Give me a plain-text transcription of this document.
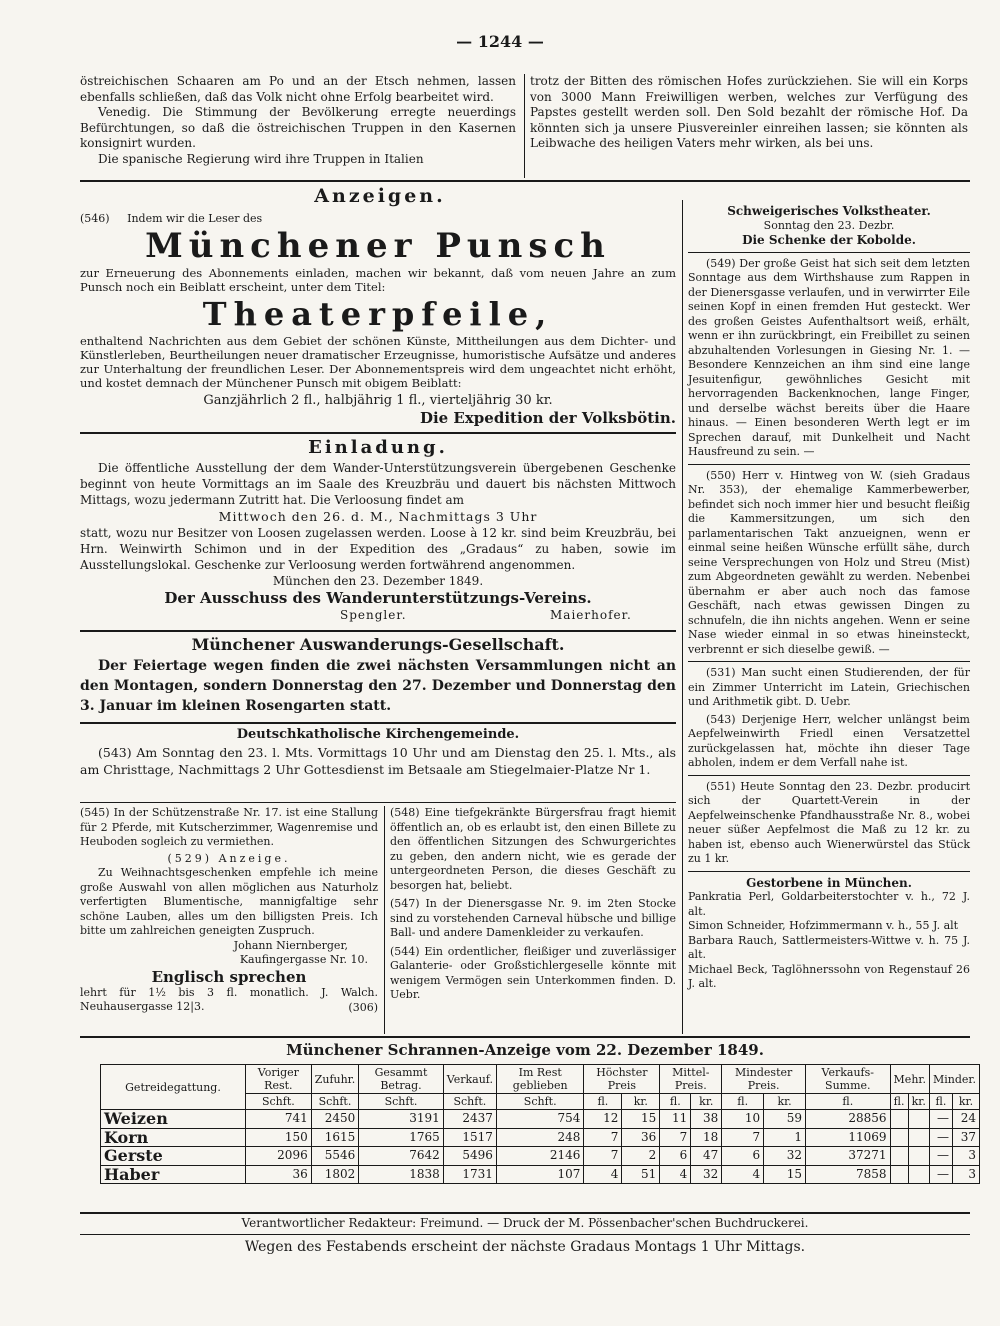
— 1244 —

östreichischen Schaaren am Po und an der Etsch nehmen, lassen ebenfalls schließen, daß das Volk nicht ohne Erfolg bearbeitet wird.

Venedig. Die Stimmung der Bevölkerung erregte neuerdings Befürchtungen, so daß die östreichischen Truppen in den Kasernen konsignirt wurden.

Die spanische Regierung wird ihre Truppen in Italien

trotz der Bitten des römischen Hofes zurückziehen. Sie will ein Korps von 3000 Mann Freiwilligen werben, welches zur Verfügung des Papstes gestellt werden soll. Den Sold bezahlt der römische Hof. Da könnten sich ja unsere Piusvereinler einreihen lassen; sie könnten als Leibwache des heiligen Vaters mehr wirken, als bei uns.

Anzeigen.
(546) Indem wir die Leser des
Münchener Punsch

zur Erneuerung des Abonnements einladen, machen wir bekannt, daß vom neuen Jahre an zum Punsch noch ein Beiblatt erscheint, unter dem Titel:

Theaterpfeile,

enthaltend Nachrichten aus dem Gebiet der schönen Künste, Mittheilungen aus dem Dichter- und Künstlerleben, Beurtheilungen neuer dramatischer Erzeugnisse, humoristische Aufsätze und anderes zur Unterhaltung der freundlichen Leser. Der Abonnementspreis wird dem ungeachtet nicht erhöht, und kostet demnach der Münchener Punsch mit obigem Beiblatt:

Ganzjährlich 2 fl., halbjährig 1 fl., vierteljährig 30 kr.
Die Expedition der Volksbötin.
Einladung.

Die öffentliche Ausstellung der dem Wander-Unterstützungsverein übergebenen Geschenke beginnt von heute Vormittags an im Saale des Kreuzbräu und dauert bis nächsten Mittwoch Mittags, wozu jedermann Zutritt hat. Die Verloosung findet am

Mittwoch den 26. d. M., Nachmittags 3 Uhr

statt, wozu nur Besitzer von Loosen zugelassen werden. Loose à 12 kr. sind beim Kreuzbräu, bei Hrn. Weinwirth Schimon und in der Expedition des „Gradaus“ zu haben, sowie im Ausstellungslokal. Geschenke zur Verloosung werden fortwährend angenommen.

München den 23. Dezember 1849.
Der Ausschuss des Wanderunterstützungs-Vereins.
Spengler.	Maierhofer.
Münchener Auswanderungs-Gesellschaft.

Der Feiertage wegen finden die zwei nächsten Versammlungen nicht an den Montagen, sondern Donnerstag den 27. Dezember und Donnerstag den 3. Januar im kleinen Rosengarten statt.

Deutschkatholische Kirchengemeinde.

(543) Am Sonntag den 23. l. Mts. Vormittags 10 Uhr und am Dienstag den 25. l. Mts., als am Christtage, Nachmittags 2 Uhr Gottesdienst im Betsaale am Stiegelmaier-Platze Nr 1.

(545) In der Schützenstraße Nr. 17. ist eine Stallung für 2 Pferde, mit Kutscherzimmer, Wagenremise und Heuboden sogleich zu vermiethen.

(529) Anzeige.

Zu Weihnachtsgeschenken empfehle ich meine große Auswahl von allen möglichen aus Naturholz verfertigten Blumentische, mannigfaltige sehr schöne Lauben, alles um den billigsten Preis. Ich bitte um zahlreichen geneigten Zuspruch.

Johann Niernberger,
Kaufingergasse Nr. 10.
Englisch sprechen

lehrt für 1½ bis 3 fl. monatlich. J. Walch. Neuhausergasse 12|3.	(306)

(548) Eine tiefgekränkte Bürgersfrau fragt hiemit öffentlich an, ob es erlaubt ist, den einen Billete zu den öffentlichen Sitzungen des Schwurgerichtes zu geben, den andern nicht, wie es gerade der untergeordneten Person, die dieses Geschäft zu besorgen hat, beliebt.

(547) In der Dienersgasse Nr. 9. im 2ten Stocke sind zu vorstehenden Carneval hübsche und billige Ball- und andere Damenkleider zu verkaufen.

(544) Ein ordentlicher, fleißiger und zuverlässiger Galanterie- oder Großstichlergeselle könnte mit wenigem Vermögen sein Unterkommen finden. D. Uebr.

Schweigerisches Volkstheater.
Sonntag den 23. Dezbr.
Die Schenke der Kobolde.

(549) Der große Geist hat sich seit dem letzten Sonntage aus dem Wirthshause zum Rappen in der Dienersgasse verlaufen, und in verwirrter Eile seinen Kopf in einen fremden Hut gesteckt. Wer des großen Geistes Aufenthaltsort weiß, erhält, wenn er ihn zurückbringt, ein Freibillet zu seinen abzuhaltenden Vorlesungen in Giesing Nr. 1. — Besondere Kennzeichen an ihm sind eine lange Jesuitenfigur, gewöhnliches Gesicht mit hervorragenden Backenknochen, lange Finger, und derselbe wächst bereits über die Haare hinaus. — Einen besonderen Werth legt er im Sprechen darauf, mit Dunkelheit und Nacht Hausfreund zu sein. —

(550) Herr v. Hintweg von W. (sieh Gradaus Nr. 353), der ehemalige Kammerbewerber, befindet sich noch immer hier und besucht fleißig die Kammersitzungen, um sich den parlamentarischen Takt anzueignen, wenn er einmal seine heißen Wünsche erfüllt sähe, durch seine Versprechungen von Holz und Streu (Mist) zum Abgeordneten gewählt zu werden. Nebenbei übernahm er aber auch noch das famose Geschäft, nach etwas gewissen Dingen zu schnufeln, die ihn nichts angehen. Wenn er seine Nase wieder einmal in so etwas hineinsteckt, verbrennt er sich dieselbe gewiß. —

(531) Man sucht einen Studierenden, der für ein Zimmer Unterricht im Latein, Griechischen und Arithmetik gibt. D. Uebr.

(543) Derjenige Herr, welcher unlängst beim Aepfelweinwirth Friedl einen Versatzettel zurückgelassen hat, möchte ihn dieser Tage abholen, indem er dem Verfall nahe ist.

(551) Heute Sonntag den 23. Dezbr. producirt sich der Quartett-Verein in der Aepfelweinschenke Pfandhausstraße Nr. 8., wobei neuer süßer Aepfelmost die Maß zu 12 kr. zu haben ist, ebenso auch Wienerwürstel das Stück zu 1 kr.

Gestorbene in München.

Pankratia Perl, Goldarbeiterstochter v. h., 72 J. alt.

Simon Schneider, Hofzimmermann v. h., 55 J. alt

Barbara Rauch, Sattlermeisters-Wittwe v. h. 75 J. alt.

Michael Beck, Taglöhnerssohn von Regenstauf 26 J. alt.

Münchener Schrannen-Anzeige vom 22. Dezember 1849.
Getreidegattung.	Voriger Rest.	Zufuhr.	Gesammt Betrag.	Verkauf.	Im Rest geblieben	Höchster Preis		Mittel-Preis.		Mindester Preis.		Verkaufs-Summe.	Mehr.		Minder.	
	Schft.	Schft.	Schft.	Schft.	Schft.	fl.	kr.	fl.	kr.	fl.	kr.	fl.	fl.	kr.	fl.	kr.
Weizen	741	2450	3191	2437	754	12	15	11	38	10	59	28856			—	24
Korn	150	1615	1765	1517	248	7	36	7	18	7	1	11069			—	37
Gerste	2096	5546	7642	5496	2146	7	2	6	47	6	32	37271			—	3
Haber	36	1802	1838	1731	107	4	51	4	32	4	15	7858			—	3
Verantwortlicher Redakteur: Freimund. — Druck der M. Pössenbacher'schen Buchdruckerei.
Wegen des Festabends erscheint der nächste Gradaus Montags 1 Uhr Mittags.
